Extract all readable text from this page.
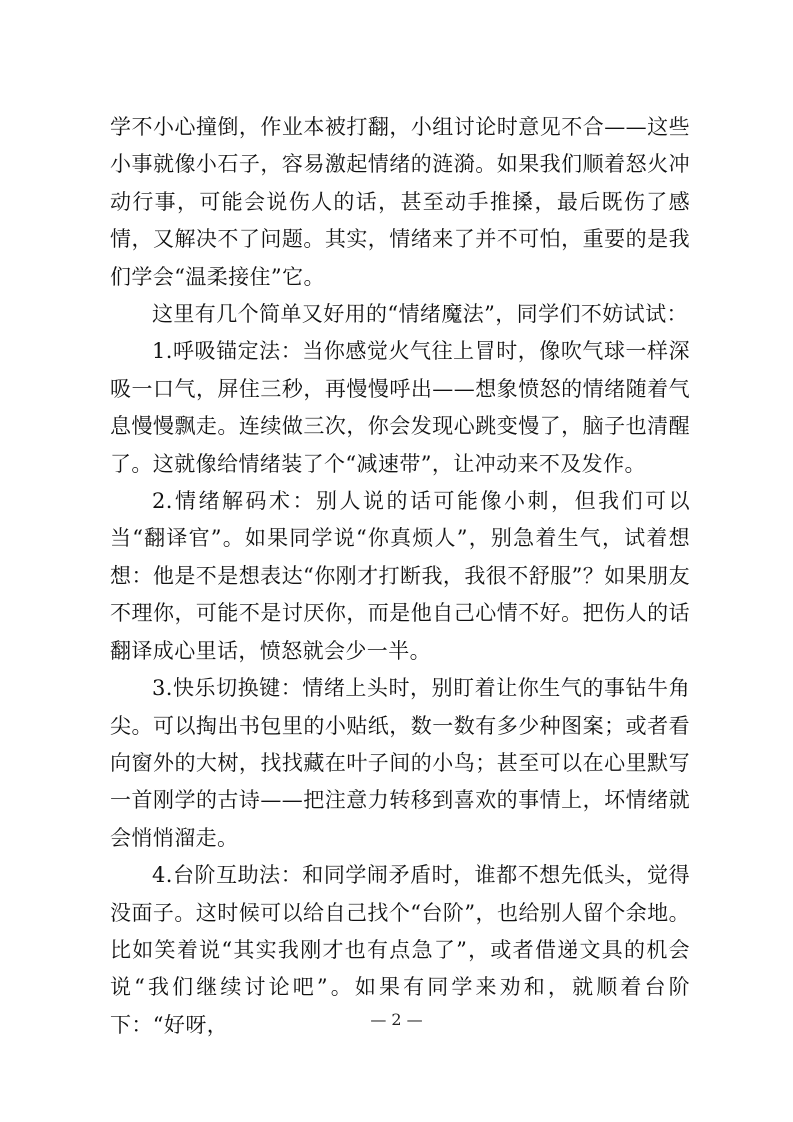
学不小心撞倒，作业本被打翻，小组讨论时意见不合——这些小事就像小石子，容易激起情绪的涟漪。如果我们顺着怒火冲动行事，可能会说伤人的话，甚至动手推搡，最后既伤了感情，又解决不了问题。其实，情绪来了并不可怕，重要的是我们学会“温柔接住”它。

这里有几个简单又好用的“情绪魔法”，同学们不妨试试：

1.呼吸锚定法：当你感觉火气往上冒时，像吹气球一样深吸一口气，屏住三秒，再慢慢呼出——想象愤怒的情绪随着气息慢慢飘走。连续做三次，你会发现心跳变慢了，脑子也清醒了。这就像给情绪装了个“减速带”，让冲动来不及发作。

2.情绪解码术：别人说的话可能像小刺，但我们可以当“翻译官”。如果同学说“你真烦人”，别急着生气，试着想想：他是不是想表达“你刚才打断我，我很不舒服”？如果朋友不理你，可能不是讨厌你，而是他自己心情不好。把伤人的话翻译成心里话，愤怒就会少一半。

3.快乐切换键：情绪上头时，别盯着让你生气的事钻牛角尖。可以掏出书包里的小贴纸，数一数有多少种图案；或者看向窗外的大树，找找藏在叶子间的小鸟；甚至可以在心里默写一首刚学的古诗——把注意力转移到喜欢的事情上，坏情绪就会悄悄溜走。

4.台阶互助法：和同学闹矛盾时，谁都不想先低头，觉得没面子。这时候可以给自己找个“台阶”，也给别人留个余地。比如笑着说“其实我刚才也有点急了”，或者借递文具的机会说“我们继续讨论吧”。如果有同学来劝和，就顺着台阶下：“好呀，	— 2 —
